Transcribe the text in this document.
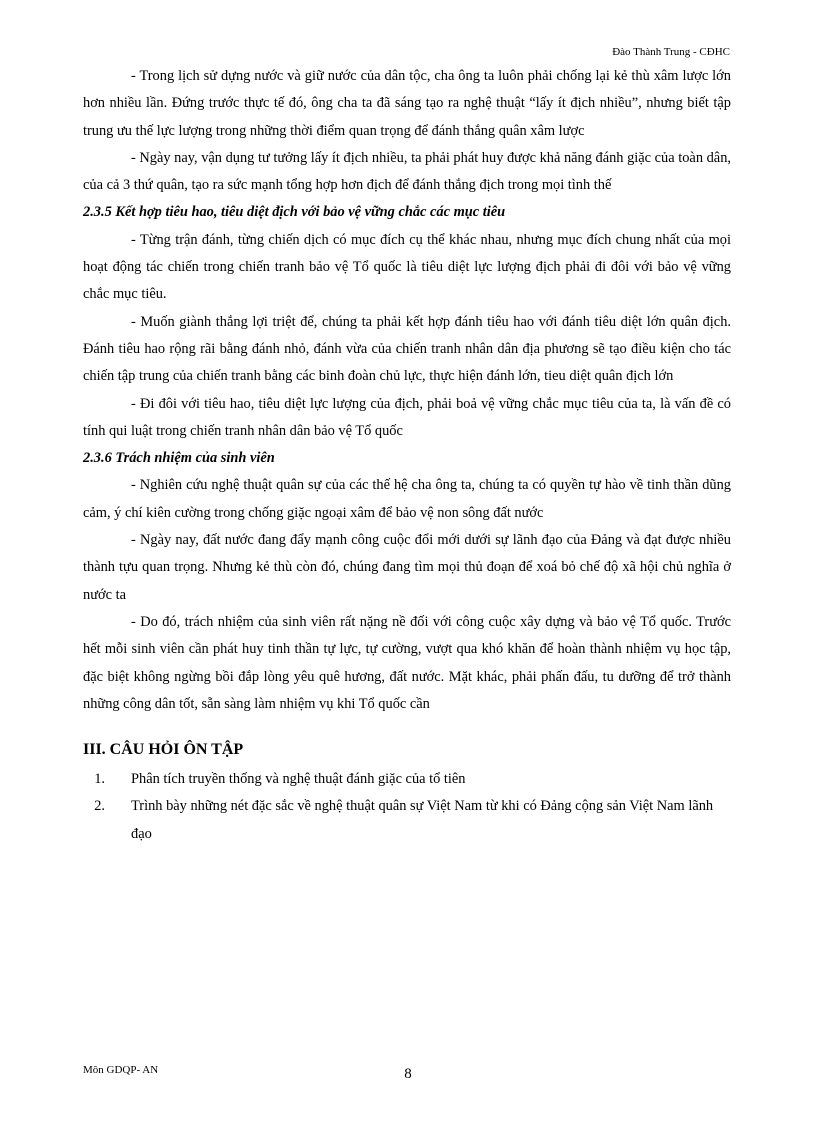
Đào Thành Trung - CĐHC

- Trong lịch sử dựng nước và giữ nước của dân tộc, cha ông ta luôn phải chống lại kẻ thù xâm lược lớn hơn nhiều lần. Đứng trước thực tế đó, ông cha ta đã sáng tạo ra nghệ thuật “lấy ít địch nhiều”, nhưng biết tập trung ưu thế lực lượng trong những thời điểm quan trọng để đánh thắng quân xâm lược

- Ngày nay, vận dụng tư tưởng lấy ít địch nhiều, ta phải phát huy được khả năng đánh giặc của toàn dân, của cả 3 thứ quân, tạo ra sức mạnh tổng hợp hơn địch để đánh thắng địch trong mọi tình thế

2.3.5 Kết hợp tiêu hao, tiêu diệt địch với bảo vệ vững chắc các mục tiêu

- Từng trận đánh, từng chiến dịch có mục đích cụ thể khác nhau, nhưng mục đích chung nhất của mọi hoạt động tác chiến trong chiến tranh bảo vệ Tổ quốc là tiêu diệt lực lượng địch phải đi đôi với bảo vệ vững chắc mục tiêu.

- Muốn giành thắng lợi triệt để, chúng ta phải kết hợp đánh tiêu hao với đánh tiêu diệt lớn quân địch. Đánh tiêu hao rộng rãi bằng đánh nhỏ, đánh vừa của chiến tranh nhân dân địa phương sẽ tạo điều kiện cho tác chiến tập trung của chiến tranh bằng các binh đoàn chủ lực, thực hiện đánh lớn, tieu diệt quân địch lớn

- Đi đôi với tiêu hao, tiêu diệt lực lượng của địch, phải boả vệ vững chắc mục tiêu của ta, là vấn đề có tính qui luật trong chiến tranh nhân dân bảo vệ Tổ quốc

2.3.6 Trách nhiệm của sinh viên

- Nghiên cứu nghệ thuật quân sự của các thế hệ cha ông ta, chúng ta có quyền tự hào về tinh thần dũng cảm, ý chí kiên cường trong chống giặc ngoại xâm để bảo vệ non sông đất nước

- Ngày nay, đất nước đang đẩy mạnh công cuộc đổi mới dưới sự lãnh đạo của Đảng và đạt được nhiều thành tựu quan trọng. Nhưng kẻ thù còn đó, chúng đang tìm mọi thủ đoạn để xoá bỏ chế độ xã hội chủ nghĩa ở nước ta

- Do đó, trách nhiệm của sinh viên rất nặng nề đối với công cuộc xây dựng và bảo vệ Tổ quốc. Trước hết mỗi sinh viên cần phát huy tinh thần tự lực, tự cường, vượt qua khó khăn để hoàn thành nhiệm vụ học tập, đặc biệt không ngừng bồi đắp lòng yêu quê hương, đất nước. Mặt khác, phải phấn đấu, tu dưỡng để trở thành những công dân tốt, sẵn sàng làm nhiệm vụ khi Tổ quốc cần

III. CÂU HỎI ÔN TẬP
1. Phân tích truyền thống và nghệ thuật đánh giặc của tổ tiên
2. Trình bày những nét đặc sắc về nghệ thuật quân sự Việt Nam từ khi có Đảng cộng sản Việt Nam lãnh đạo
Môn GDQP- AN	8
